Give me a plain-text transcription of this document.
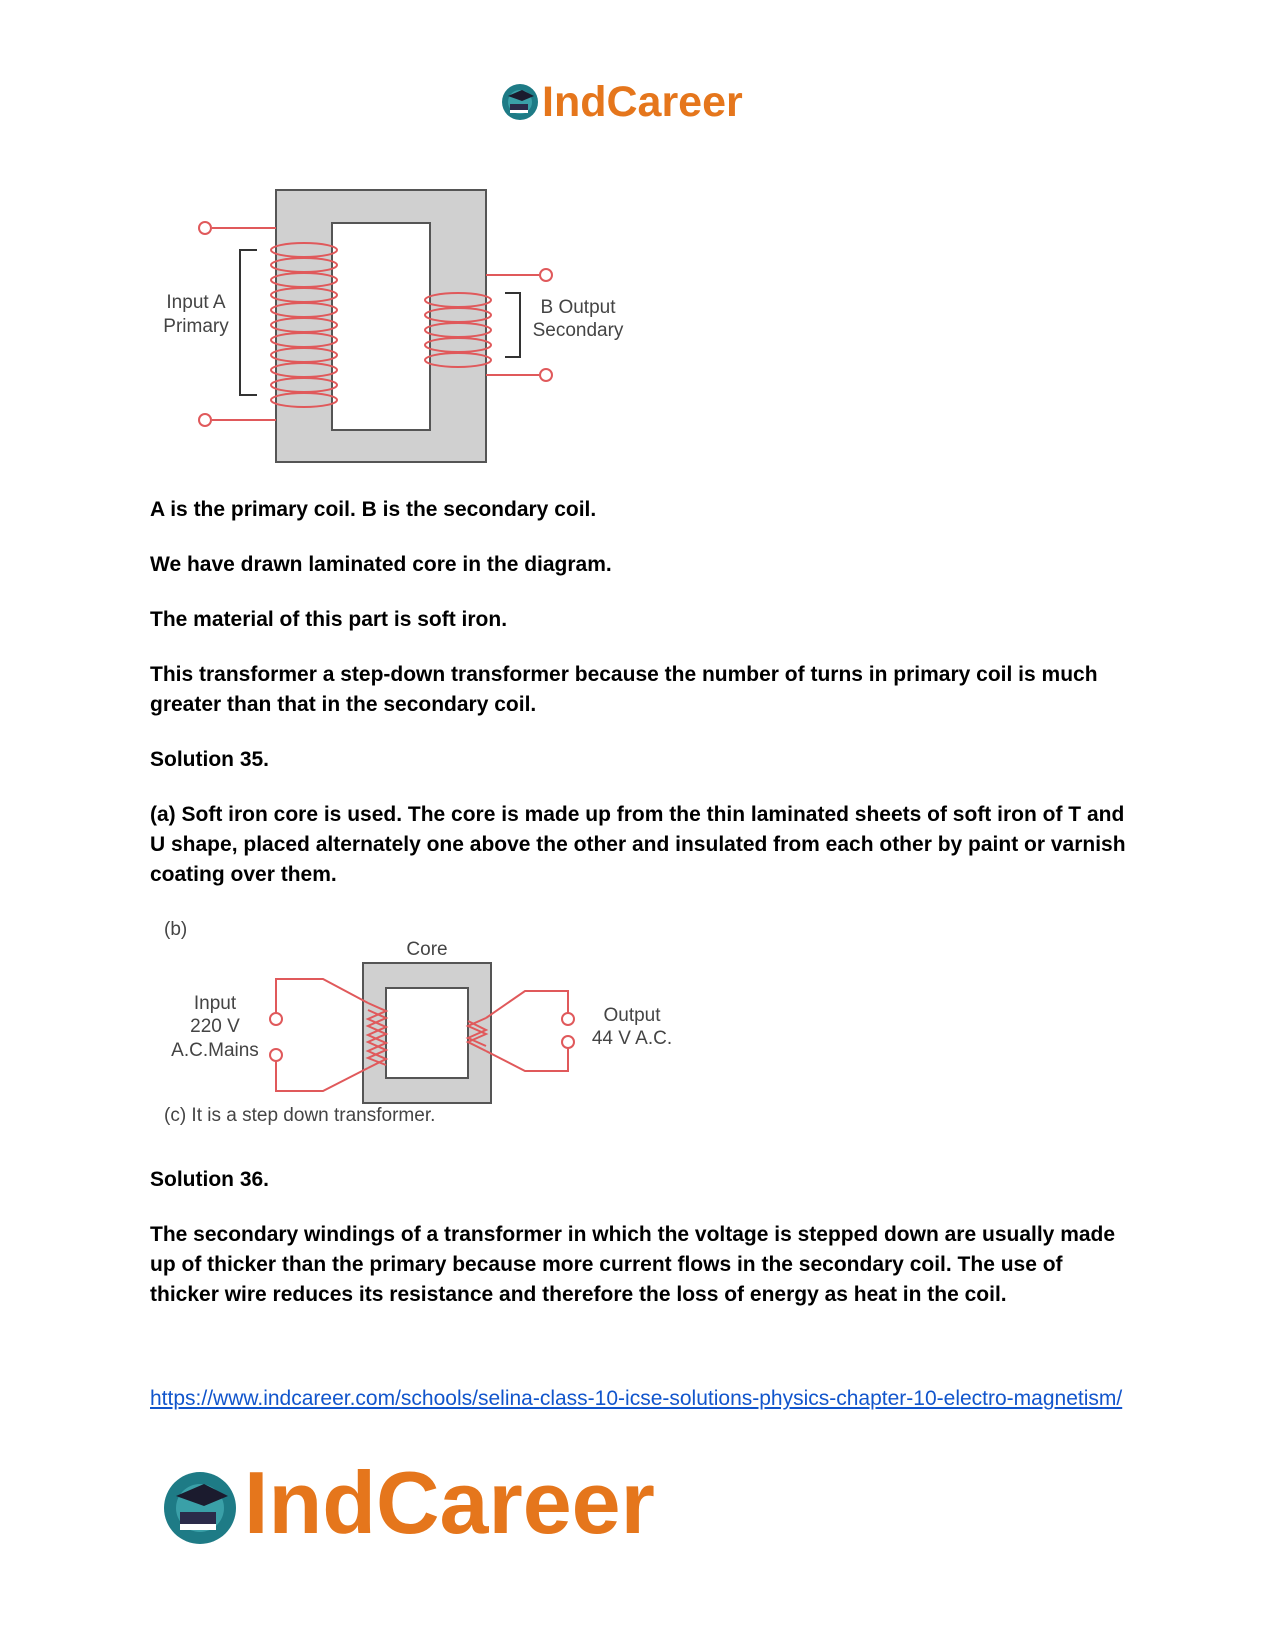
IndCareer
Input A
Primary
B Output
Secondary

A is the primary coil. B is the secondary coil.

We have drawn laminated core in the diagram.

The material of this part is soft iron.

This transformer a step-down transformer because the number of turns in primary coil is much greater than that in the secondary coil.

Solution 35.

(a) Soft iron core is used. The core is made up from the thin laminated sheets of soft iron of T and U shape, placed alternately one above the other and insulated from each other by paint or varnish coating over them.

(b)
Core
Input
220 V
A.C.Mains
Output
44 V A.C.
(c) It is a step down transformer.

Solution 36.

The secondary windings of a transformer in which the voltage is stepped down are usually made up of thicker than the primary because more current flows in the secondary coil. The use of thicker wire reduces its resistance and therefore the loss of energy as heat in the coil.

https://www.indcareer.com/schools/selina-class-10-icse-solutions-physics-chapter-10-electro-magnetism/
IndCareer
